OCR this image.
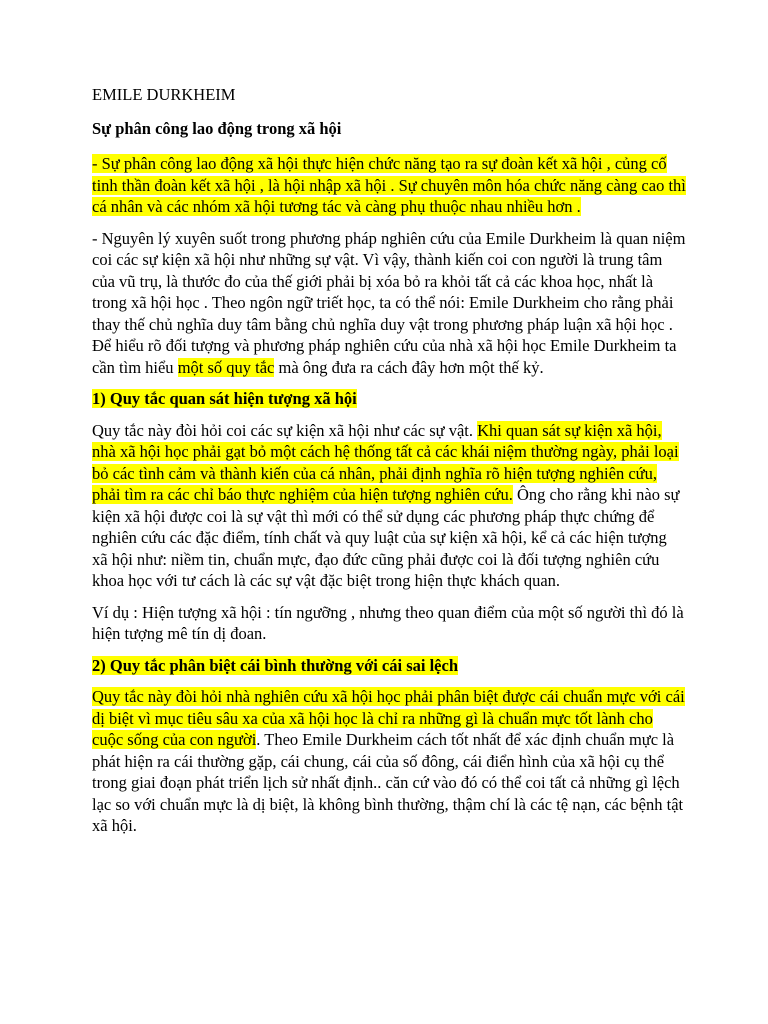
EMILE DURKHEIM
Sự phân công lao động trong xã hội

- Sự phân công lao động xã hội thực hiện chức năng tạo ra sự đoàn kết xã hội , củng cố tinh thần đoàn kết xã hội , là hội nhập xã hội . Sự chuyên môn hóa chức năng càng cao thì cá nhân và các nhóm xã hội tương tác và càng phụ thuộc nhau nhiều hơn .

- Nguyên lý xuyên suốt trong phương pháp nghiên cứu của Emile Durkheim là quan niệm coi các sự kiện xã hội như những sự vật. Vì vậy, thành kiến coi con người là trung tâm của vũ trụ, là thước đo của thế giới phải bị xóa bỏ ra khỏi tất cả các khoa học, nhất là trong xã hội học . Theo ngôn ngữ triết học, ta có thể nói: Emile Durkheim cho rằng phải thay thế chủ nghĩa duy tâm bằng chủ nghĩa duy vật trong phương pháp luận xã hội học . Để hiểu rõ đối tượng và phương pháp nghiên cứu của nhà xã hội học Emile Durkheim ta cần tìm hiểu một số quy tắc mà ông đưa ra cách đây hơn một thế kỷ.

1) Quy tắc quan sát hiện tượng xã hội

Quy tắc này đòi hỏi coi các sự kiện xã hội như các sự vật. Khi quan sát sự kiện xã hội, nhà xã hội học phải gạt bỏ một cách hệ thống tất cả các khái niệm thường ngày, phải loại bỏ các tình cảm và thành kiến của cá nhân, phải định nghĩa rõ hiện tượng nghiên cứu, phải tìm ra các chỉ báo thực nghiệm của hiện tượng nghiên cứu. Ông cho rằng khi nào sự kiện xã hội được coi là sự vật thì mới có thể sử dụng các phương pháp thực chứng để nghiên cứu các đặc điểm, tính chất và quy luật của sự kiện xã hội, kể cả các hiện tượng xã hội như: niềm tin, chuẩn mực, đạo đức cũng phải được coi là đối tượng nghiên cứu khoa học với tư cách là các sự vật đặc biệt trong hiện thực khách quan.

Ví dụ : Hiện tượng xã hội : tín ngưỡng , nhưng theo quan điểm của một số người thì đó là hiện tượng mê tín dị đoan.

2) Quy tắc phân biệt cái bình thường với cái sai lệch

Quy tắc này đòi hỏi nhà nghiên cứu xã hội học phải phân biệt được cái chuẩn mực với cái dị biệt vì mục tiêu sâu xa của xã hội học là chỉ ra những gì là chuẩn mực tốt lành cho cuộc sống của con người. Theo Emile Durkheim cách tốt nhất để xác định chuẩn mực là phát hiện ra cái thường gặp, cái chung, cái của số đông, cái điển hình của xã hội cụ thể trong giai đoạn phát triển lịch sử nhất định.. căn cứ vào đó có thể coi tất cả những gì lệch lạc so với chuẩn mực là dị biệt, là không bình thường, thậm chí là các tệ nạn, các bệnh tật xã hội.
